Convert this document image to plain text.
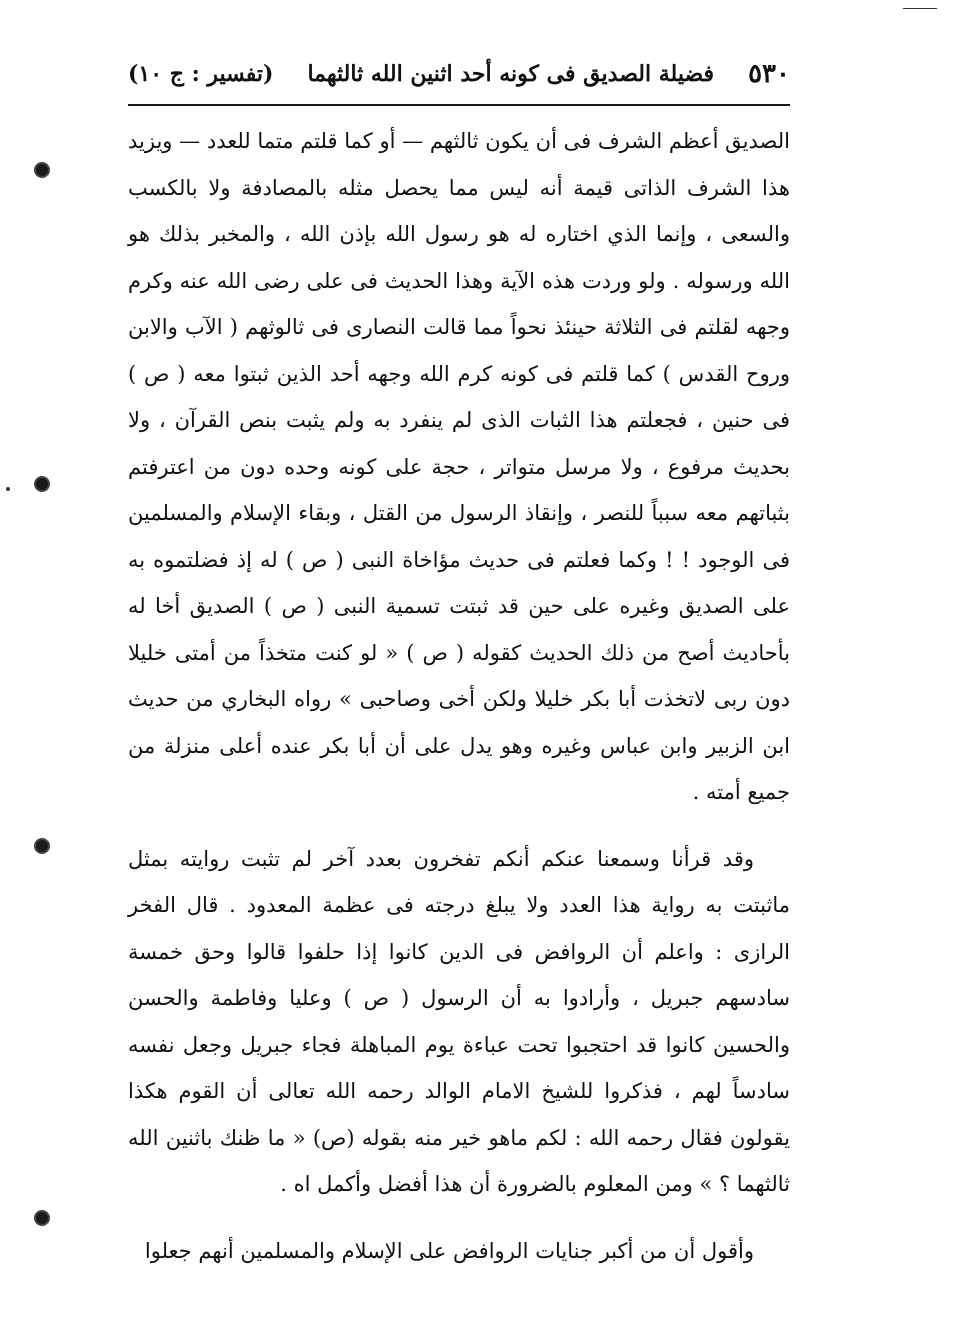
٥٣٠
فضيلة الصديق فى كونه أحد اثنين الله ثالثهما
(تفسير : ج ١٠)

الصديق أعظم الشرف فى أن يكون ثالثهم — أو كما قلتم متما للعدد — ويزيد هذا الشرف الذاتى قيمة أنه ليس مما يحصل مثله بالمصادفة ولا بالكسب والسعى ، وإنما الذي اختاره له هو رسول الله بإذن الله ، والمخبر بذلك هو الله ورسوله . ولو وردت هذه الآية وهذا الحديث فى على رضى الله عنه وكرم وجهه لقلتم فى الثلاثة حينئذ نحواً مما قالت النصارى فى ثالوثهم ( الآب والابن وروح القدس ) كما قلتم فى كونه كرم الله وجهه أحد الذين ثبتوا معه ( ص ) فى حنين ، فجعلتم هذا الثبات الذى لم ينفرد به ولم يثبت بنص القرآن ، ولا بحديث مرفوع ، ولا مرسل متواتر ، حجة على كونه وحده دون من اعترفتم بثباتهم معه سبباً للنصر ، وإنقاذ الرسول من القتل ، وبقاء الإسلام والمسلمين فى الوجود ! ! وكما فعلتم فى حديث مؤاخاة النبى ( ص ) له إذ فضلتموه به على الصديق وغيره على حين قد ثبتت تسمية النبى ( ص ) الصديق أخا له بأحاديث أصح من ذلك الحديث كقوله ( ص ) « لو كنت متخذاً من أمتى خليلا دون ربى لاتخذت أبا بكر خليلا ولكن أخى وصاحبى » رواه البخاري من حديث ابن الزبير وابن عباس وغيره وهو يدل على أن أبا بكر عنده أعلى منزلة من جميع أمته .

وقد قرأنا وسمعنا عنكم أنكم تفخرون بعدد آخر لم تثبت روايته بمثل ماثبتت به رواية هذا العدد ولا يبلغ درجته فى عظمة المعدود . قال الفخر الرازى : واعلم أن الروافض فى الدين كانوا إذا حلفوا قالوا وحق خمسة سادسهم جبريل ، وأرادوا به أن الرسول ( ص ) وعليا وفاطمة والحسن والحسين كانوا قد احتجبوا تحت عباءة يوم المباهلة فجاء جبريل وجعل نفسه سادساً لهم ، فذكروا للشيخ الامام الوالد رحمه الله تعالى أن القوم هكذا يقولون فقال رحمه الله : لكم ماهو خير منه بقوله (ص) « ما ظنك باثنين الله ثالثهما ؟ » ومن المعلوم بالضرورة أن هذا أفضل وأكمل اه .

وأقول أن من أكبر جنايات الروافض على الإسلام والمسلمين أنهم جعلوا
